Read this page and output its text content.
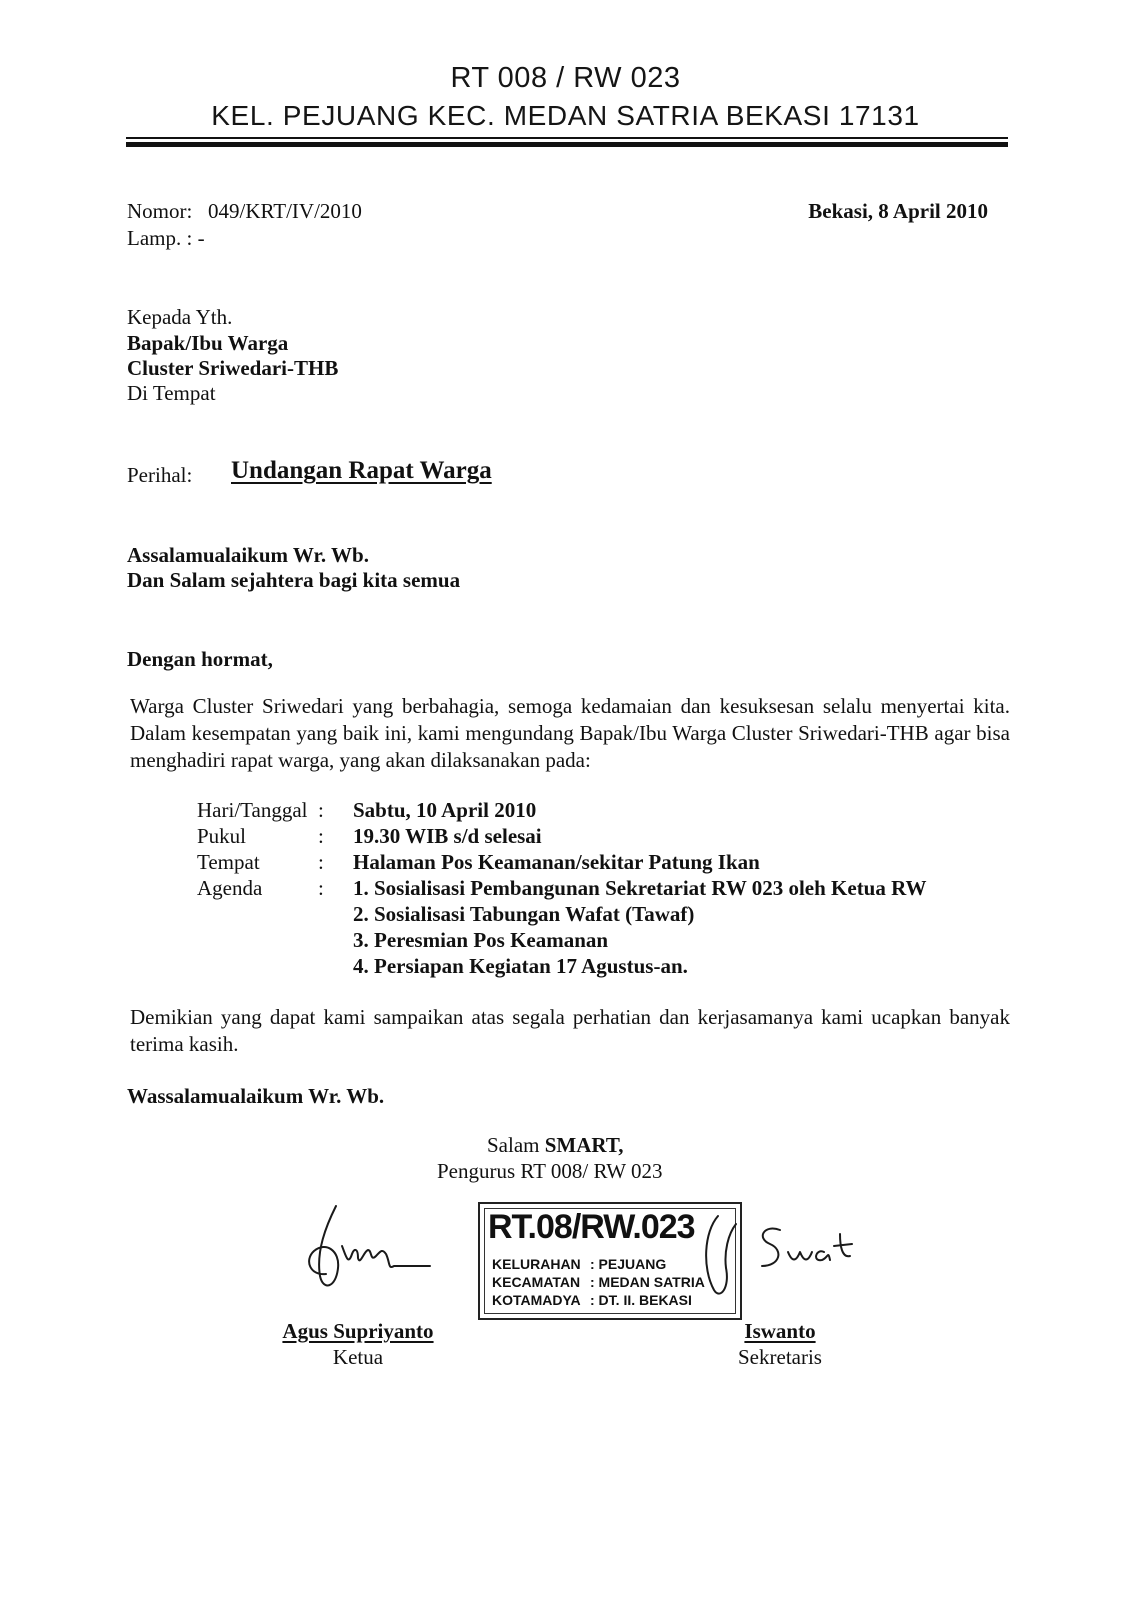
RT 008 / RW 023
KEL. PEJUANG KEC. MEDAN SATRIA BEKASI 17131
Nomor: 049/KRT/IV/2010
Lamp. : -
Bekasi, 8 April 2010
Kepada Yth.
Bapak/Ibu Warga
Cluster Sriwedari-THB
Di Tempat
Perihal: Undangan Rapat Warga
Assalamualaikum Wr. Wb.
Dan Salam sejahtera bagi kita semua
Dengan hormat,
Warga Cluster Sriwedari yang berbahagia, semoga kedamaian dan kesuksesan selalu menyertai kita. Dalam kesempatan yang baik ini, kami mengundang Bapak/Ibu Warga Cluster Sriwedari-THB agar bisa menghadiri rapat warga, yang akan dilaksanakan pada:
Hari/Tanggal : Sabtu, 10 April 2010
Pukul	: 19.30 WIB s/d selesai
Tempat	: Halaman Pos Keamanan/sekitar Patung Ikan
Agenda	: 1. Sosialisasi Pembangunan Sekretariat RW 023 oleh Ketua RW
2. Sosialisasi Tabungan Wafat (Tawaf)
3. Peresmian Pos Keamanan
4. Persiapan Kegiatan 17 Agustus-an.
Demikian yang dapat kami sampaikan atas segala perhatian dan kerjasamanya kami ucapkan banyak terima kasih.
Wassalamualaikum Wr. Wb.
Salam SMART,
Pengurus RT 008/ RW 023
RT.08/RW.023
KELURAHAN : PEJUANG
KECAMATAN : MEDAN SATRIA
KOTAMADYA : DT. II. BEKASI
Agus Supriyanto
Ketua
Iswanto
Sekretaris
